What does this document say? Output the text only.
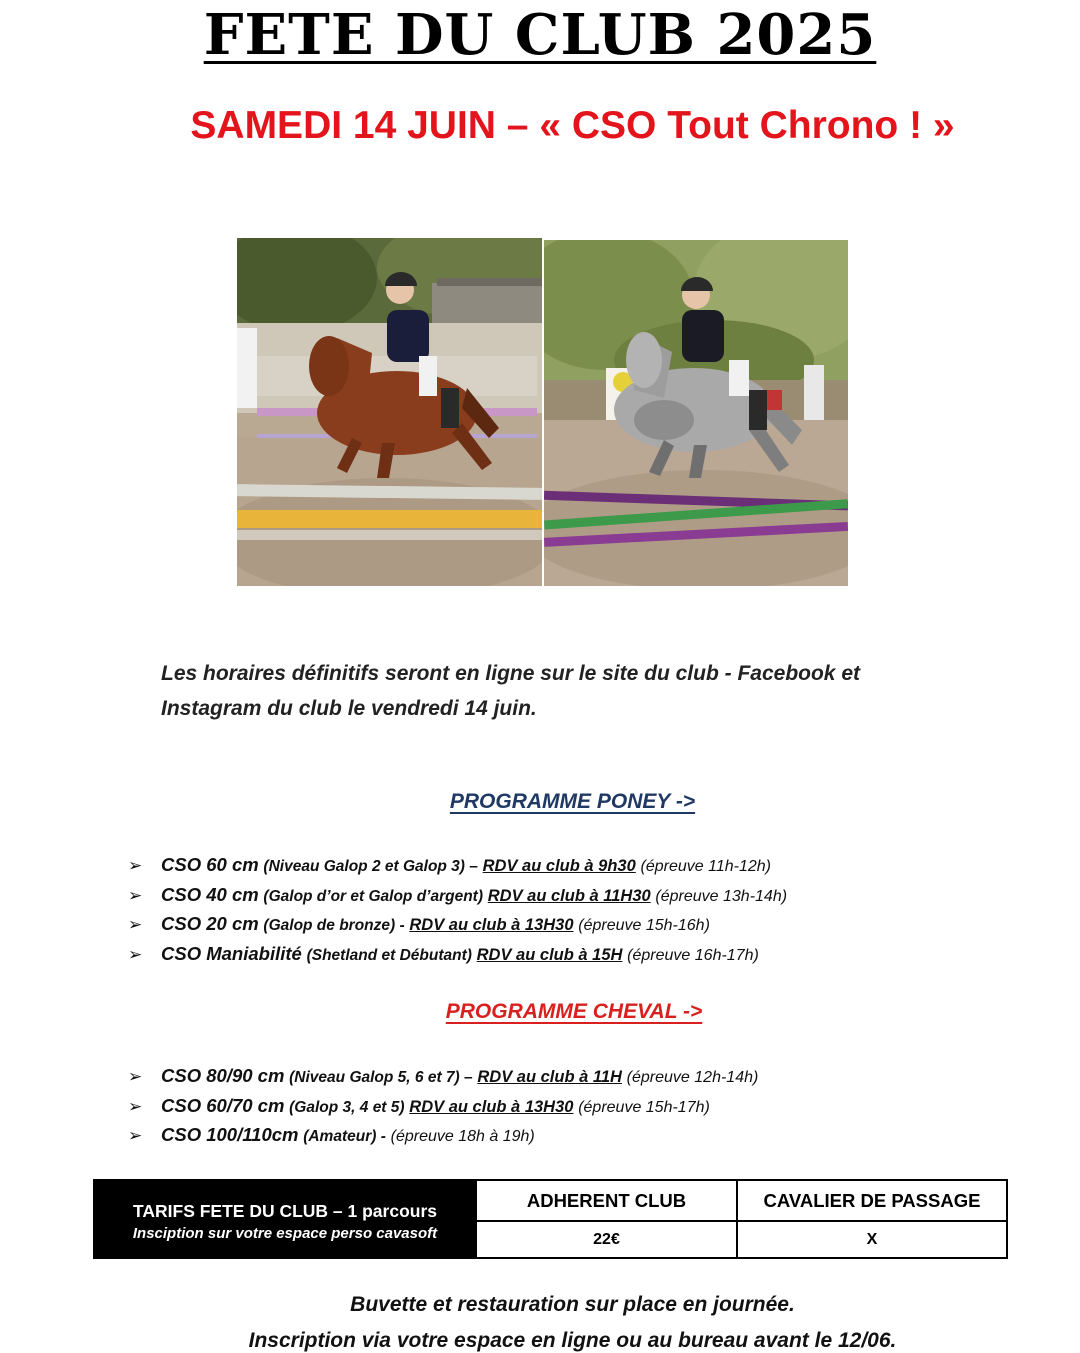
FETE DU CLUB 2025
SAMEDI 14 JUIN – « CSO Tout Chrono ! »
Les horaires définitifs seront en ligne sur le site du club - Facebook et Instagram du club le vendredi 14 juin.
PROGRAMME PONEY ->
➢ CSO 60 cm (Niveau Galop 2 et Galop 3) – RDV au club à 9h30 (épreuve 11h-12h)
➢ CSO 40 cm (Galop d’or et Galop d’argent) RDV au club à 11H30 (épreuve 13h-14h)
➢ CSO 20 cm (Galop de bronze) - RDV au club à 13H30 (épreuve 15h-16h)
➢ CSO Maniabilité (Shetland et Débutant) RDV au club à 15H (épreuve 16h-17h)
PROGRAMME CHEVAL ->
➢ CSO 80/90 cm (Niveau Galop 5, 6 et 7) – RDV au club à 11H (épreuve 12h-14h)
➢ CSO 60/70 cm (Galop 3, 4 et 5) RDV au club à 13H30 (épreuve 15h-17h)
➢ CSO 100/110cm (Amateur) - (épreuve 18h à 19h)
TARIFS FETE DU CLUB – 1 parcours
Insciption sur votre espace perso cavasoft	ADHERENT CLUB	CAVALIER DE PASSAGE
	22€	X
Buvette et restauration sur place en journée.
Inscription via votre espace en ligne ou au bureau avant le 12/06.
